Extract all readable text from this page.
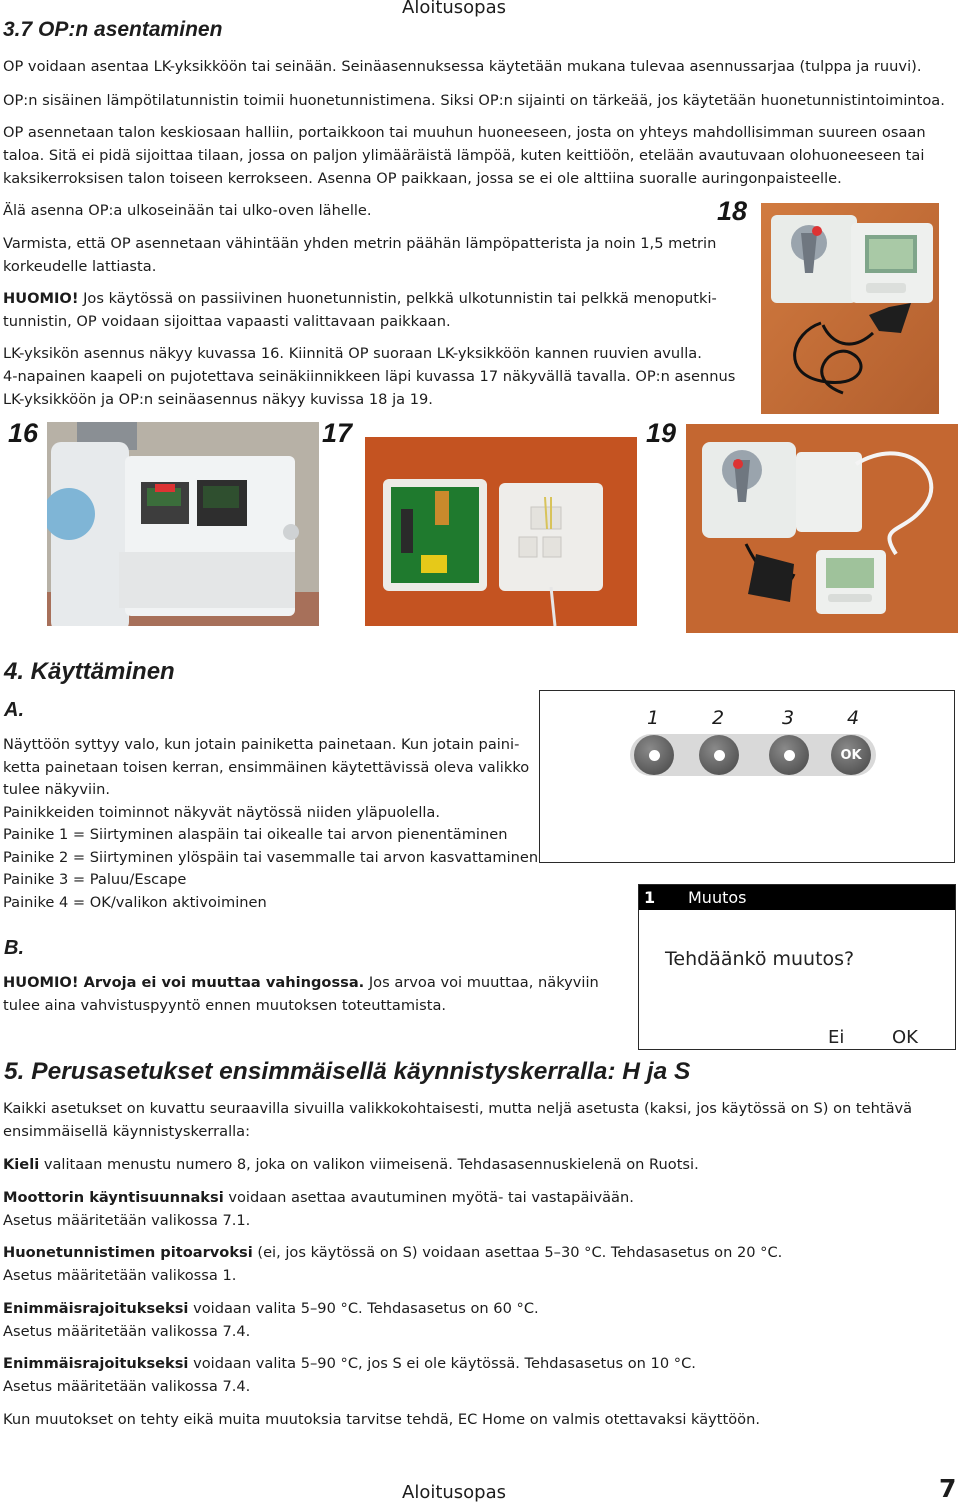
3.7 OP:n asentaminen
Aloitusopas

OP voidaan asentaa LK-yksikköön tai seinään. Seinäasennuksessa käytetään mukana tulevaa asennussarjaa (tulppa ja ruuvi).

OP:n sisäinen lämpötilatunnistin toimii huonetunnistimena. Siksi OP:n sijainti on tärkeää, jos käytetään huonetunnistintoimintoa.

OP asennetaan talon keskiosaan halliin, portaikkoon tai muuhun huoneeseen, josta on yhteys mahdollisimman suureen osaan

taloa. Sitä ei pidä sijoittaa tilaan, jossa on paljon ylimääräistä lämpöä, kuten keittiöön, etelään avautuvaan olohuoneeseen tai

kaksikerroksisen talon toiseen kerrokseen. Asenna OP paikkaan, jossa se ei ole alttiina suoralle auringonpaisteelle.

Älä asenna OP:a ulkoseinään tai ulko-oven lähelle.

Varmista, että OP asennetaan vähintään yhden metrin päähän lämpöpatterista ja noin 1,5 metrin

korkeudelle lattiasta.

HUOMIO! Jos käytössä on passiivinen huonetunnistin, pelkkä ulkotunnistin tai pelkkä menoputki-

tunnistin, OP voidaan sijoittaa vapaasti valittavaan paikkaan.

LK-yksikön asennus näkyy kuvassa 16. Kiinnitä OP suoraan LK-yksikköön kannen ruuvien avulla.

4-napainen kaapeli on pujotettava seinäkiinnikkeen läpi kuvassa 17 näkyvällä tavalla. OP:n asennus

LK-yksikköön ja OP:n seinäasennus näkyy kuvissa 18 ja 19.

18
16	17	19
4. Käyttäminen
A.

Näyttöön syttyy valo, kun jotain painiketta painetaan. Kun jotain paini-

ketta painetaan toisen kerran, ensimmäinen käytettävissä oleva valikko

tulee näkyviin.

Painikkeiden toiminnot näkyvät näytössä niiden yläpuolella.

Painike 1 = Siirtyminen alaspäin tai oikealle tai arvon pienentäminen

Painike 2 = Siirtyminen ylöspäin tai vasemmalle tai arvon kasvattaminen

Painike 3 = Paluu/Escape

Painike 4 = OK/valikon aktivoiminen

1	2	3	4
OK
1 Muutos
Tehdäänkö muutos?
Ei	OK
B.

HUOMIO! Arvoja ei voi muuttaa vahingossa. Jos arvoa voi muuttaa, näkyviin

tulee aina vahvistuspyyntö ennen muutoksen toteuttamista.

5. Perusasetukset ensimmäisellä käynnistyskerralla: H ja S

Kaikki asetukset on kuvattu seuraavilla sivuilla valikkokohtaisesti, mutta neljä asetusta (kaksi, jos käytössä on S) on tehtävä

ensimmäisellä käynnistyskerralla:

Kieli valitaan menustu numero 8, joka on valikon viimeisenä. Tehdasasennuskielenä on Ruotsi.

Moottorin käyntisuunnaksi voidaan asettaa avautuminen myötä- tai vastapäivään.

Asetus määritetään valikossa 7.1.

Huonetunnistimen pitoarvoksi (ei, jos käytössä on S) voidaan asettaa 5–30 °C. Tehdasasetus on 20 °C.

Asetus määritetään valikossa 1.

Enimmäisrajoitukseksi voidaan valita 5–90 °C. Tehdasasetus on 60 °C.

Asetus määritetään valikossa 7.4.

Enimmäisrajoitukseksi voidaan valita 5–90 °C, jos S ei ole käytössä. Tehdasasetus on 10 °C.

Asetus määritetään valikossa 7.4.

Kun muutokset on tehty eikä muita muutoksia tarvitse tehdä, EC Home on valmis otettavaksi käyttöön.

Aloitusopas	7
